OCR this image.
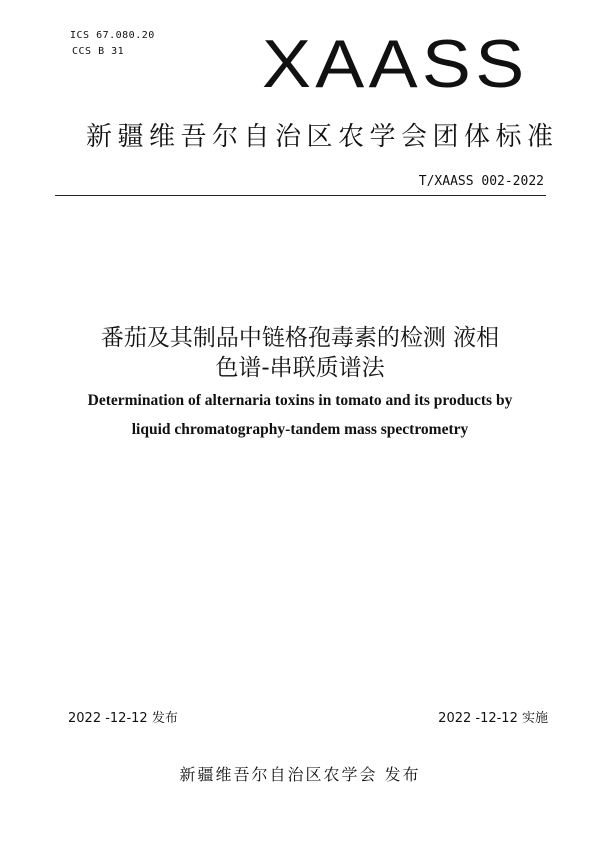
ICS 67.080.20
CCS B 31 XAASS
新疆维吾尔自治区农学会团体标准
T/XAASS 002-2022
番茄及其制品中链格孢毒素的检测 液相
色谱-串联质谱法
Determination of alternaria toxins in tomato and its products by
liquid chromatography-tandem mass spectrometry
2022 -12-12 发布	2022 -12-12 实施
新疆维吾尔自治区农学会 发布
